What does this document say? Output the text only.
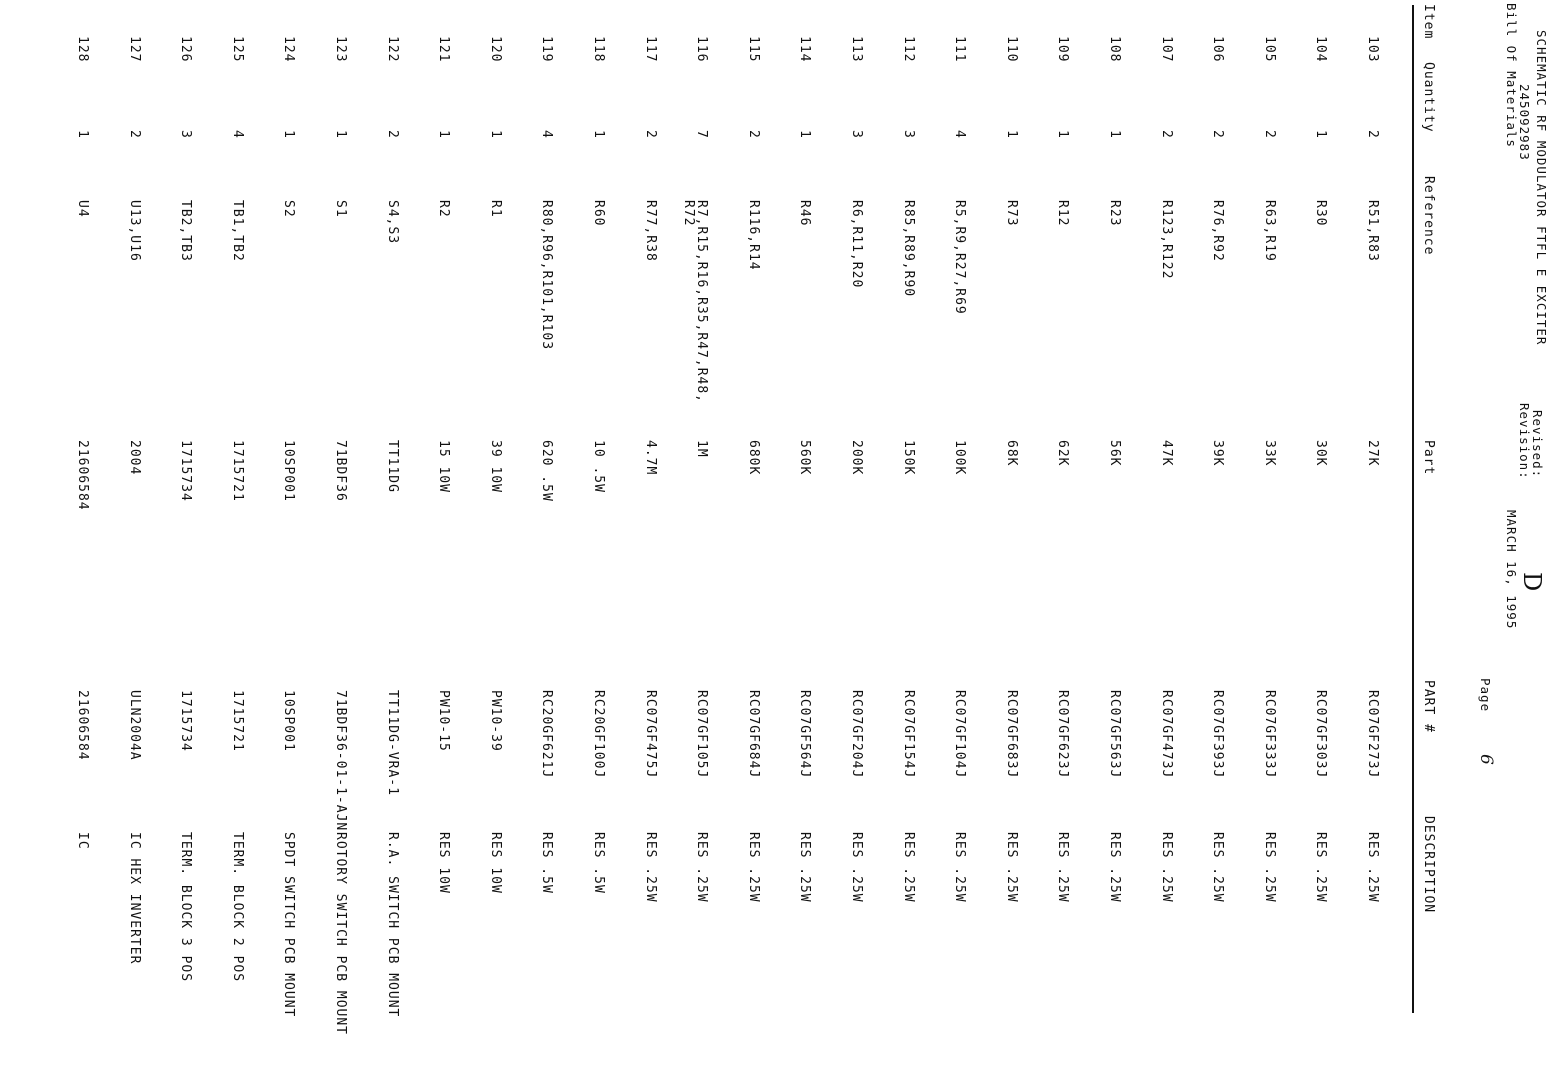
SCHEMATIC RF MODULATOR FTFL E EXCITER
245092983
Bill Of Materials
MARCH 16, 1995
Revised:
Revision:
D
Page
6
Item
Quantity
Reference
Part
PART #
DESCRIPTION
103
2
R51,R83
27K
RC07GF273J
RES .25W
104
1
R30
30K
RC07GF303J
RES .25W
105
2
R63,R19
33K
RC07GF333J
RES .25W
106
2
R76,R92
39K
RC07GF393J
RES .25W
107
2
R123,R122
47K
RC07GF473J
RES .25W
108
1
R23
56K
RC07GF563J
RES .25W
109
1
R12
62K
RC07GF623J
RES .25W
110
1
R73
68K
RC07GF683J
RES .25W
111
4
R5,R9,R27,R69
100K
RC07GF104J
RES .25W
112
3
R85,R89,R90
150K
RC07GF154J
RES .25W
113
3
R6,R11,R20
200K
RC07GF204J
RES .25W
114
1
R46
560K
RC07GF564J
RES .25W
115
2
R116,R14
680K
RC07GF684J
RES .25W
116
7
R7,R15,R16,R35,R47,R48,
1M
RC07GF105J
RES .25W
R72
117
2
R77,R38
4.7M
RC07GF475J
RES .25W
118
1
R60
10 .5W
RC20GF100J
RES .5W
119
4
R80,R96,R101,R103
620 .5W
RC20GF621J
RES .5W
120
1
R1
39 10W
PW10-39
RES 10W
121
1
R2
15 10W
PW10-15
RES 10W
122
2
S4,S3
TT11DG
TT11DG-VRA-1
R.A. SWITCH PCB MOUNT
123
1
S1
71BDF36
71BDF36-01-1-AJN
ROTORY SWITCH PCB MOUNT
124
1
S2
10SP001
10SP001
SPDT SWITCH PCB MOUNT
125
4
TB1,TB2
1715721
1715721
TERM. BLOCK 2 POS
126
3
TB2,TB3
1715734
1715734
TERM. BLOCK 3 POS
127
2
U13,U16
2004
ULN2004A
IC HEX INVERTER
128
1
U4
21606584
21606584
IC
